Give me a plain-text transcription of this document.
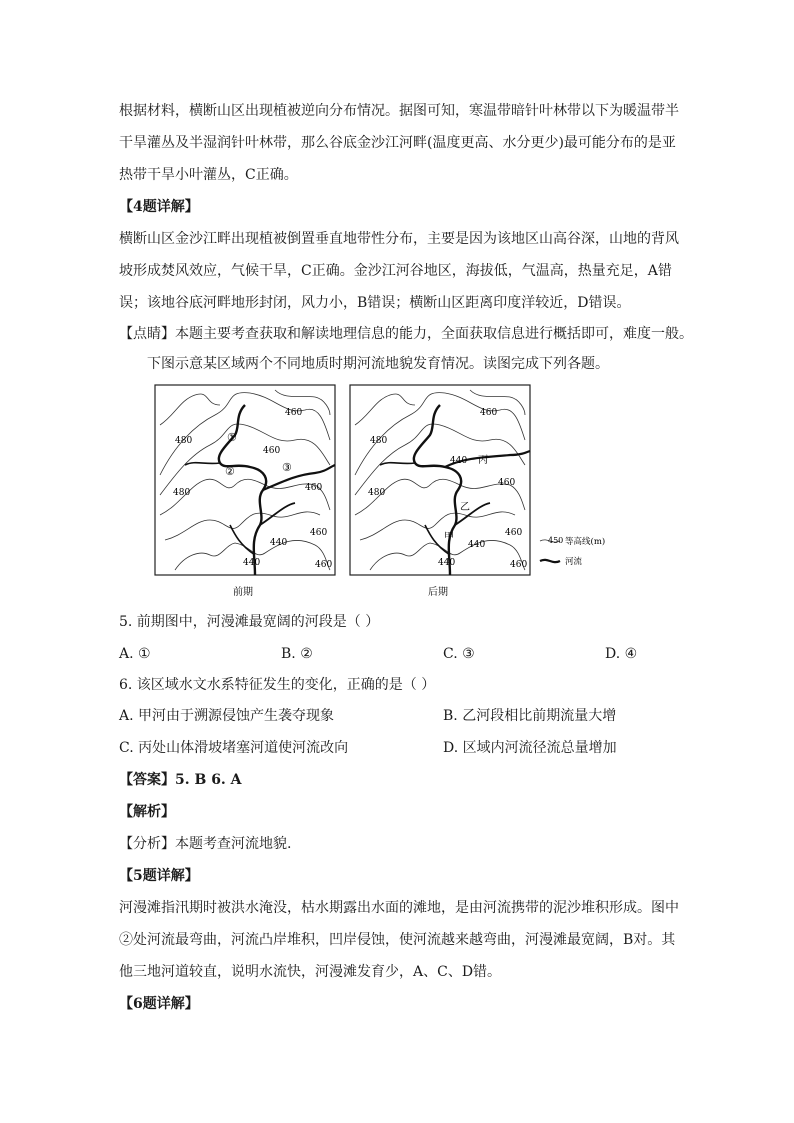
根据材料，横断山区出现植被逆向分布情况。据图可知，寒温带暗针叶林带以下为暖温带半
干旱灌丛及半湿润针叶林带，那么谷底金沙江河畔(温度更高、水分更少)最可能分布的是亚
热带干旱小叶灌丛，C正确。
【4题详解】
横断山区金沙江畔出现植被倒置垂直地带性分布，主要是因为该地区山高谷深，山地的背风
坡形成焚风效应，气候干旱，C正确。金沙江河谷地区，海拔低，气温高，热量充足，A错
误；该地谷底河畔地形封闭，风力小，B错误；横断山区距离印度洋较近，D错误。
【点睛】本题主要考查获取和解读地理信息的能力，全面获取信息进行概括即可，难度一般。
下图示意某区域两个不同地质时期河流地貌发育情况。读图完成下列各题。
480
460
480
460
460
440
460
440	460
①
②	③
前期
480
460
440
480
460
460
440
440	460
丙
乙
甲
后期
450 等高线(m)
河流
5. 前期图中，河漫滩最宽阔的河段是（ ）
A. ①	B. ②	C. ③	D. ④
6. 该区域水文水系特征发生的变化，正确的是（ ）
A. 甲河由于溯源侵蚀产生袭夺现象	B. 乙河段相比前期流量大增
C. 丙处山体滑坡堵塞河道使河流改向	D. 区域内河流径流总量增加
【答案】5. B 6. A
【解析】
【分析】本题考查河流地貌.
【5题详解】
河漫滩指汛期时被洪水淹没，枯水期露出水面的滩地，是由河流携带的泥沙堆积形成。图中
②处河流最弯曲，河流凸岸堆积，凹岸侵蚀，使河流越来越弯曲，河漫滩最宽阔，B对。其
他三地河道较直，说明水流快，河漫滩发育少，A、C、D错。
【6题详解】
